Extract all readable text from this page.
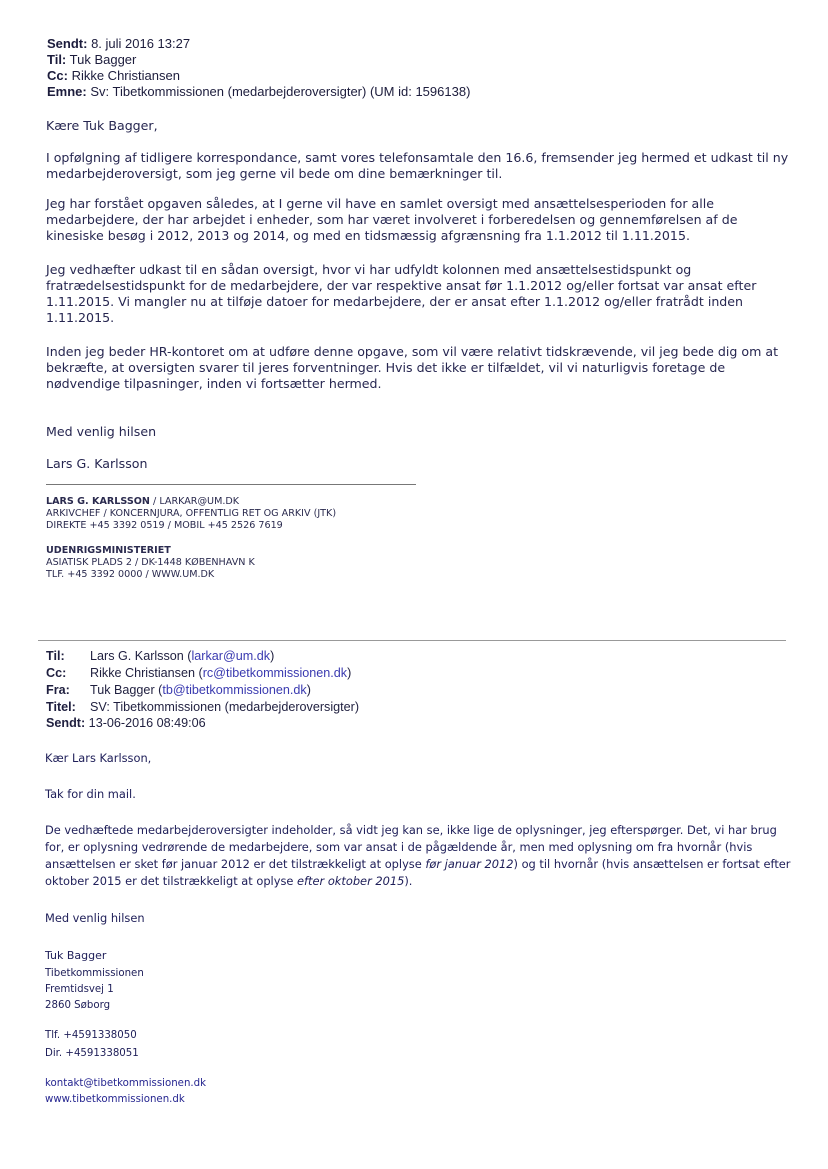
Sendt: 8. juli 2016 13:27
Til: Tuk Bagger
Cc: Rikke Christiansen
Emne: Sv: Tibetkommissionen (medarbejderoversigter) (UM id: 1596138)

Kære Tuk Bagger,

I opfølgning af tidligere korrespondance, samt vores telefonsamtale den 16.6, fremsender jeg hermed et udkast til ny medarbejderoversigt, som jeg gerne vil bede om dine bemærkninger til.

Jeg har forstået opgaven således, at I gerne vil have en samlet oversigt med ansættelsesperioden for alle medarbejdere, der har arbejdet i enheder, som har været involveret i forberedelsen og gennemførelsen af de kinesiske besøg i 2012, 2013 og 2014, og med en tidsmæssig afgrænsning fra 1.1.2012 til 1.11.2015.

Jeg vedhæfter udkast til en sådan oversigt, hvor vi har udfyldt kolonnen med ansættelsestidspunkt og fratrædelsestidspunkt for de medarbejdere, der var respektive ansat før 1.1.2012 og/eller fortsat var ansat efter 1.11.2015. Vi mangler nu at tilføje datoer for medarbejdere, der er ansat efter 1.1.2012 og/eller fratrådt inden 1.11.2015.

Inden jeg beder HR-kontoret om at udføre denne opgave, som vil være relativt tidskrævende, vil jeg bede dig om at bekræfte, at oversigten svarer til jeres forventninger. Hvis det ikke er tilfældet, vil vi naturligvis foretage de nødvendige tilpasninger, inden vi fortsætter hermed.

Med venlig hilsen

Lars G. Karlsson

LARS G. KARLSSON / LARKAR@UM.DK
ARKIVCHEF / KONCERNJURA, OFFENTLIG RET OG ARKIV (JTK)
DIREKTE +45 3392 0519 / MOBIL +45 2526 7619
UDENRIGSMINISTERIET
ASIATISK PLADS 2 / DK-1448 KØBENHAVN K
TLF. +45 3392 0000 / WWW.UM.DK
Til: Lars G. Karlsson (larkar@um.dk)
Cc: Rikke Christiansen (rc@tibetkommissionen.dk)
Fra: Tuk Bagger (tb@tibetkommissionen.dk)
Titel: SV: Tibetkommissionen (medarbejderoversigter)
Sendt: 13-06-2016 08:49:06

Kær Lars Karlsson,

Tak for din mail.

De vedhæftede medarbejderoversigter indeholder, så vidt jeg kan se, ikke lige de oplysninger, jeg efterspørger. Det, vi har brug for, er oplysning vedrørende de medarbejdere, som var ansat i de pågældende år, men med oplysning om fra hvornår (hvis ansættelsen er sket før januar 2012 er det tilstrækkeligt at oplyse før januar 2012) og til hvornår (hvis ansættelsen er fortsat efter oktober 2015 er det tilstrækkeligt at oplyse efter oktober 2015).

Med venlig hilsen

Tuk Bagger
Tibetkommissionen
Fremtidsvej 1
2860 Søborg
Tlf. +4591338050
Dir. +4591338051
kontakt@tibetkommissionen.dk
www.tibetkommissionen.dk
